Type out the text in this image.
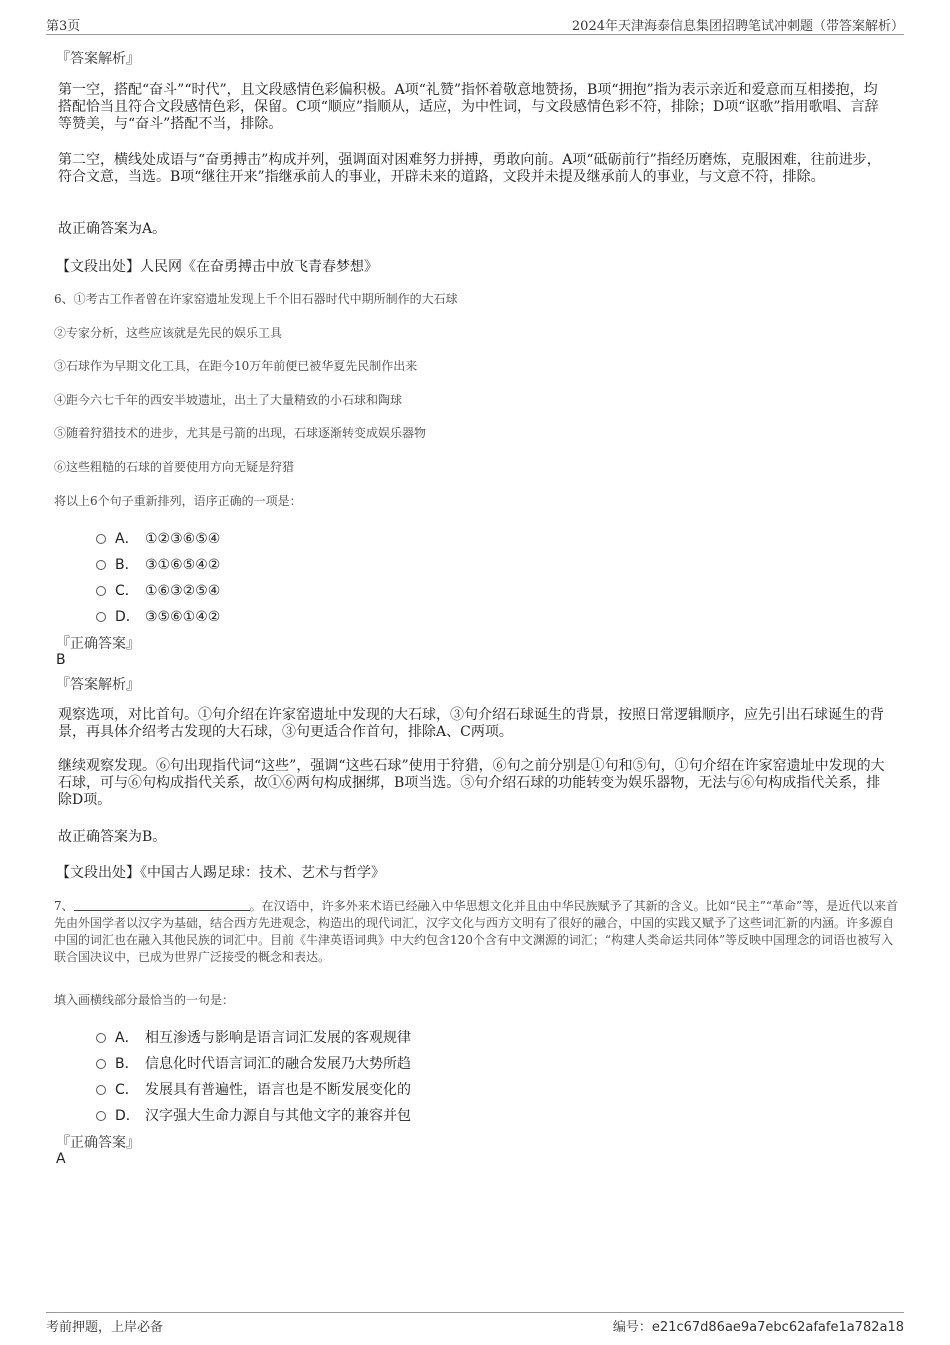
第3页	2024年天津海泰信息集团招聘笔试冲刺题（带答案解析）
『答案解析』
第一空，搭配“奋斗”“时代”，且文段感情色彩偏积极。A项“礼赞”指怀着敬意地赞扬，B项“拥抱”指为表示亲近和爱意而互相搂抱，均搭配恰当且符合文段感情色彩，保留。C项“顺应”指顺从，适应，为中性词，与文段感情色彩不符，排除；D项“讴歌”指用歌唱、言辞等赞美，与“奋斗”搭配不当，排除。
第二空，横线处成语与“奋勇搏击”构成并列，强调面对困难努力拼搏，勇敢向前。A项“砥砺前行”指经历磨炼，克服困难，往前进步，符合文意，当选。B项“继往开来”指继承前人的事业，开辟未来的道路，文段并未提及继承前人的事业，与文意不符，排除。
故正确答案为A。
【文段出处】人民网《在奋勇搏击中放飞青春梦想》
6、①考古工作者曾在许家窑遗址发现上千个旧石器时代中期所制作的大石球
②专家分析，这些应该就是先民的娱乐工具
③石球作为早期文化工具，在距今10万年前便已被华夏先民制作出来
④距今六七千年的西安半坡遗址，出土了大量精致的小石球和陶球
⑤随着狩猎技术的进步，尤其是弓箭的出现，石球逐渐转变成娱乐器物
⑥这些粗糙的石球的首要使用方向无疑是狩猎
将以上6个句子重新排列，语序正确的一项是：
A． ①②③⑥⑤④
B． ③①⑥⑤④②
C． ①⑥③②⑤④
D． ③⑤⑥①④②
『正确答案』
B
『答案解析』
观察选项，对比首句。①句介绍在许家窑遗址中发现的大石球，③句介绍石球诞生的背景，按照日常逻辑顺序，应先引出石球诞生的背景，再具体介绍考古发现的大石球，③句更适合作首句，排除A、C两项。
继续观察发现。⑥句出现指代词“这些”，强调“这些石球”使用于狩猎，⑥句之前分别是①句和⑤句，①句介绍在许家窑遗址中发现的大石球，可与⑥句构成指代关系，故①⑥两句构成捆绑，B项当选。⑤句介绍石球的功能转变为娱乐器物，无法与⑥句构成指代关系，排除D项。
故正确答案为B。
【文段出处】《中国古人踢足球：技术、艺术与哲学》
7、	。在汉语中，许多外来术语已经融入中华思想文化并且由中华民族赋予了其新的含义。比如“民主”“革命”等，是近代以来首先由外国学者以汉字为基础，结合西方先进观念，构造出的现代词汇，汉字文化与西方文明有了很好的融合，中国的实践又赋予了这些词汇新的内涵。许多源自中国的词汇也在融入其他民族的词汇中。目前《牛津英语词典》中大约包含120个含有中文渊源的词汇；“构建人类命运共同体”等反映中国理念的词语也被写入联合国决议中，已成为世界广泛接受的概念和表达。
填入画横线部分最恰当的一句是：
A． 相互渗透与影响是语言词汇发展的客观规律
B． 信息化时代语言词汇的融合发展乃大势所趋
C． 发展具有普遍性，语言也是不断发展变化的
D． 汉字强大生命力源自与其他文字的兼容并包
『正确答案』
A
考前押题，上岸必备	编号：e21c67d86ae9a7ebc62afafe1a782a18
